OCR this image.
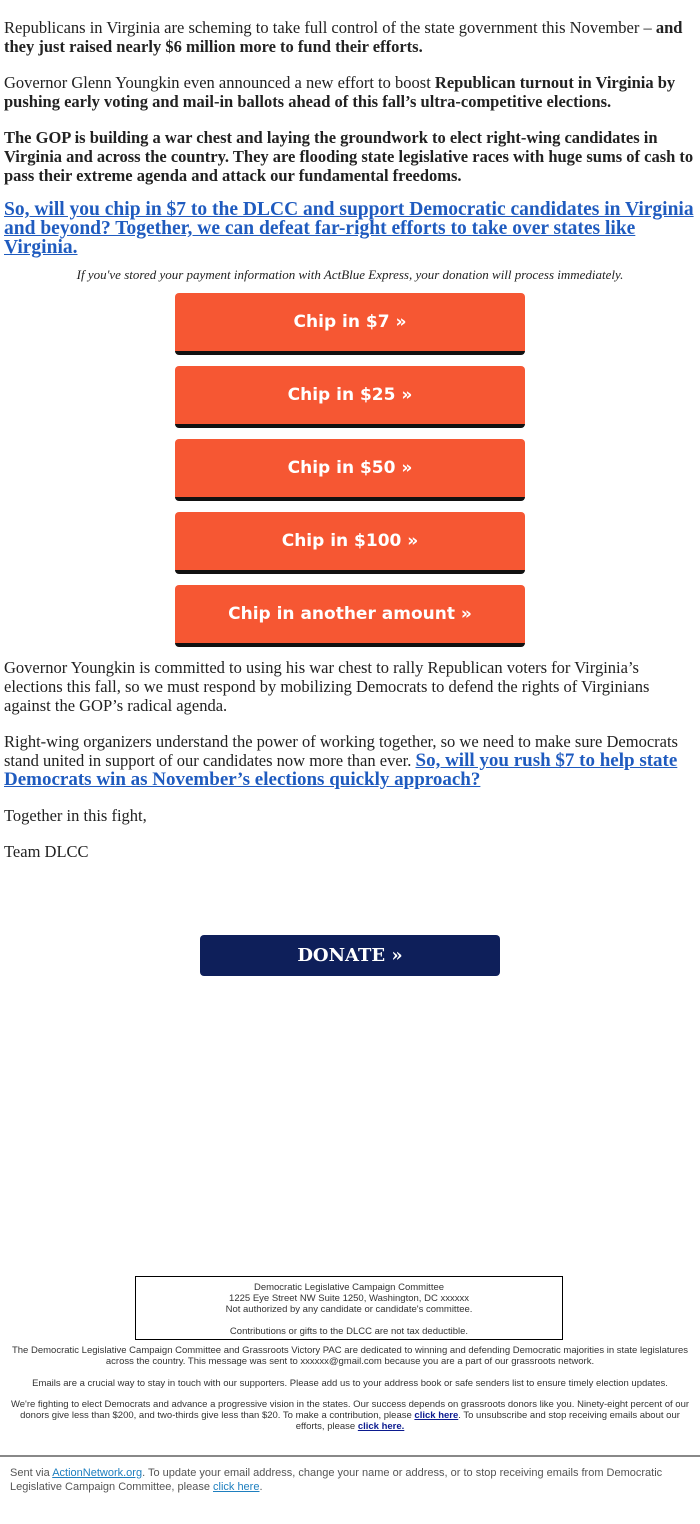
Republicans in Virginia are scheming to take full control of the state government this November – and they just raised nearly $6 million more to fund their efforts.

Governor Glenn Youngkin even announced a new effort to boost Republican turnout in Virginia by pushing early voting and mail-in ballots ahead of this fall’s ultra-competitive elections.

The GOP is building a war chest and laying the groundwork to elect right-wing candidates in Virginia and across the country. They are flooding state legislative races with huge sums of cash to pass their extreme agenda and attack our fundamental freedoms.

So, will you chip in $7 to the DLCC and support Democratic candidates in Virginia and beyond? Together, we can defeat far-right efforts to take over states like Virginia.
If you've stored your payment information with ActBlue Express, your donation will process immediately.
Chip in $7 »
Chip in $25 »
Chip in $50 »
Chip in $100 »
Chip in another amount »

Governor Youngkin is committed to using his war chest to rally Republican voters for Virginia’s elections this fall, so we must respond by mobilizing Democrats to defend the rights of Virginians against the GOP’s radical agenda.

Right-wing organizers understand the power of working together, so we need to make sure Democrats stand united in support of our candidates now more than ever. So, will you rush $7 to help state Democrats win as November’s elections quickly approach?

Together in this fight,

Team DLCC

DONATE »
Democratic Legislative Campaign Committee
1225 Eye Street NW Suite 1250, Washington, DC xxxxxx
Not authorized by any candidate or candidate's committee.
Contributions or gifts to the DLCC are not tax deductible.
The Democratic Legislative Campaign Committee and Grassroots Victory PAC are dedicated to winning and defending Democratic majorities in state legislatures across the country. This message was sent to xxxxxx@gmail.com because you are a part of our grassroots network.
Emails are a crucial way to stay in touch with our supporters. Please add us to your address book or safe senders list to ensure timely election updates.
We're fighting to elect Democrats and advance a progressive vision in the states. Our success depends on grassroots donors like you. Ninety-eight percent of our donors give less than $200, and two-thirds give less than $20. To make a contribution, please click here. To unsubscribe and stop receiving emails about our efforts, please click here.
Sent via ActionNetwork.org. To update your email address, change your name or address, or to stop receiving emails from Democratic Legislative Campaign Committee, please click here.
